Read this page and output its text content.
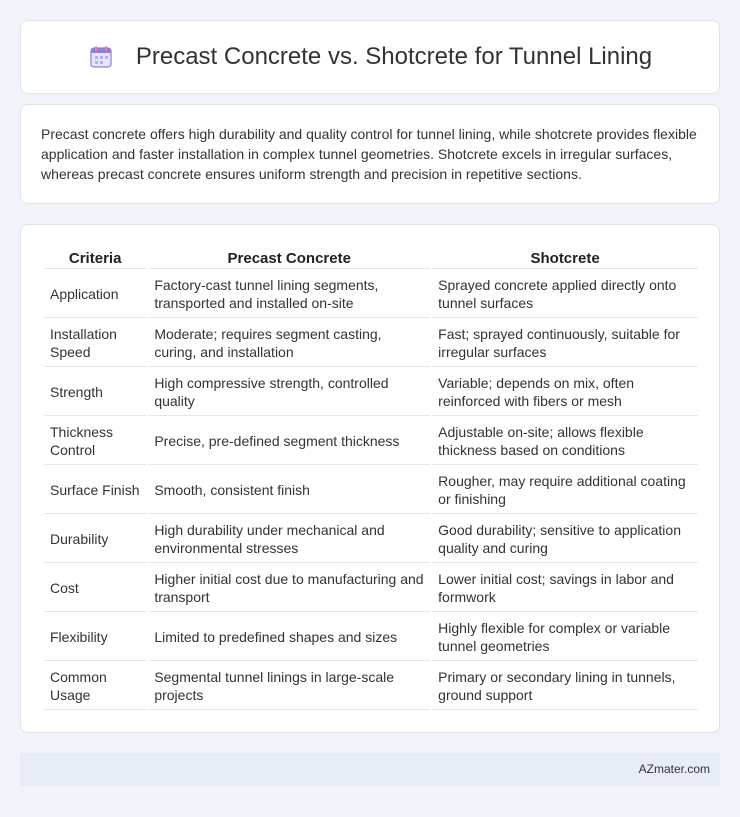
Precast Concrete vs. Shotcrete for Tunnel Lining

Precast concrete offers high durability and quality control for tunnel lining, while shotcrete provides flexible application and faster installation in complex tunnel geometries. Shotcrete excels in irregular surfaces, whereas precast concrete ensures uniform strength and precision in repetitive sections.

Criteria	Precast Concrete	Shotcrete
Application	Factory-cast tunnel lining segments, transported and installed on-site	Sprayed concrete applied directly onto tunnel surfaces
Installation Speed	Moderate; requires segment casting, curing, and installation	Fast; sprayed continuously, suitable for irregular surfaces
Strength	High compressive strength, controlled quality	Variable; depends on mix, often reinforced with fibers or mesh
Thickness Control	Precise, pre-defined segment thickness	Adjustable on-site; allows flexible thickness based on conditions
Surface Finish	Smooth, consistent finish	Rougher, may require additional coating or finishing
Durability	High durability under mechanical and environmental stresses	Good durability; sensitive to application quality and curing
Cost	Higher initial cost due to manufacturing and transport	Lower initial cost; savings in labor and formwork
Flexibility	Limited to predefined shapes and sizes	Highly flexible for complex or variable tunnel geometries
Common Usage	Segmental tunnel linings in large-scale projects	Primary or secondary lining in tunnels, ground support
AZmater.com
